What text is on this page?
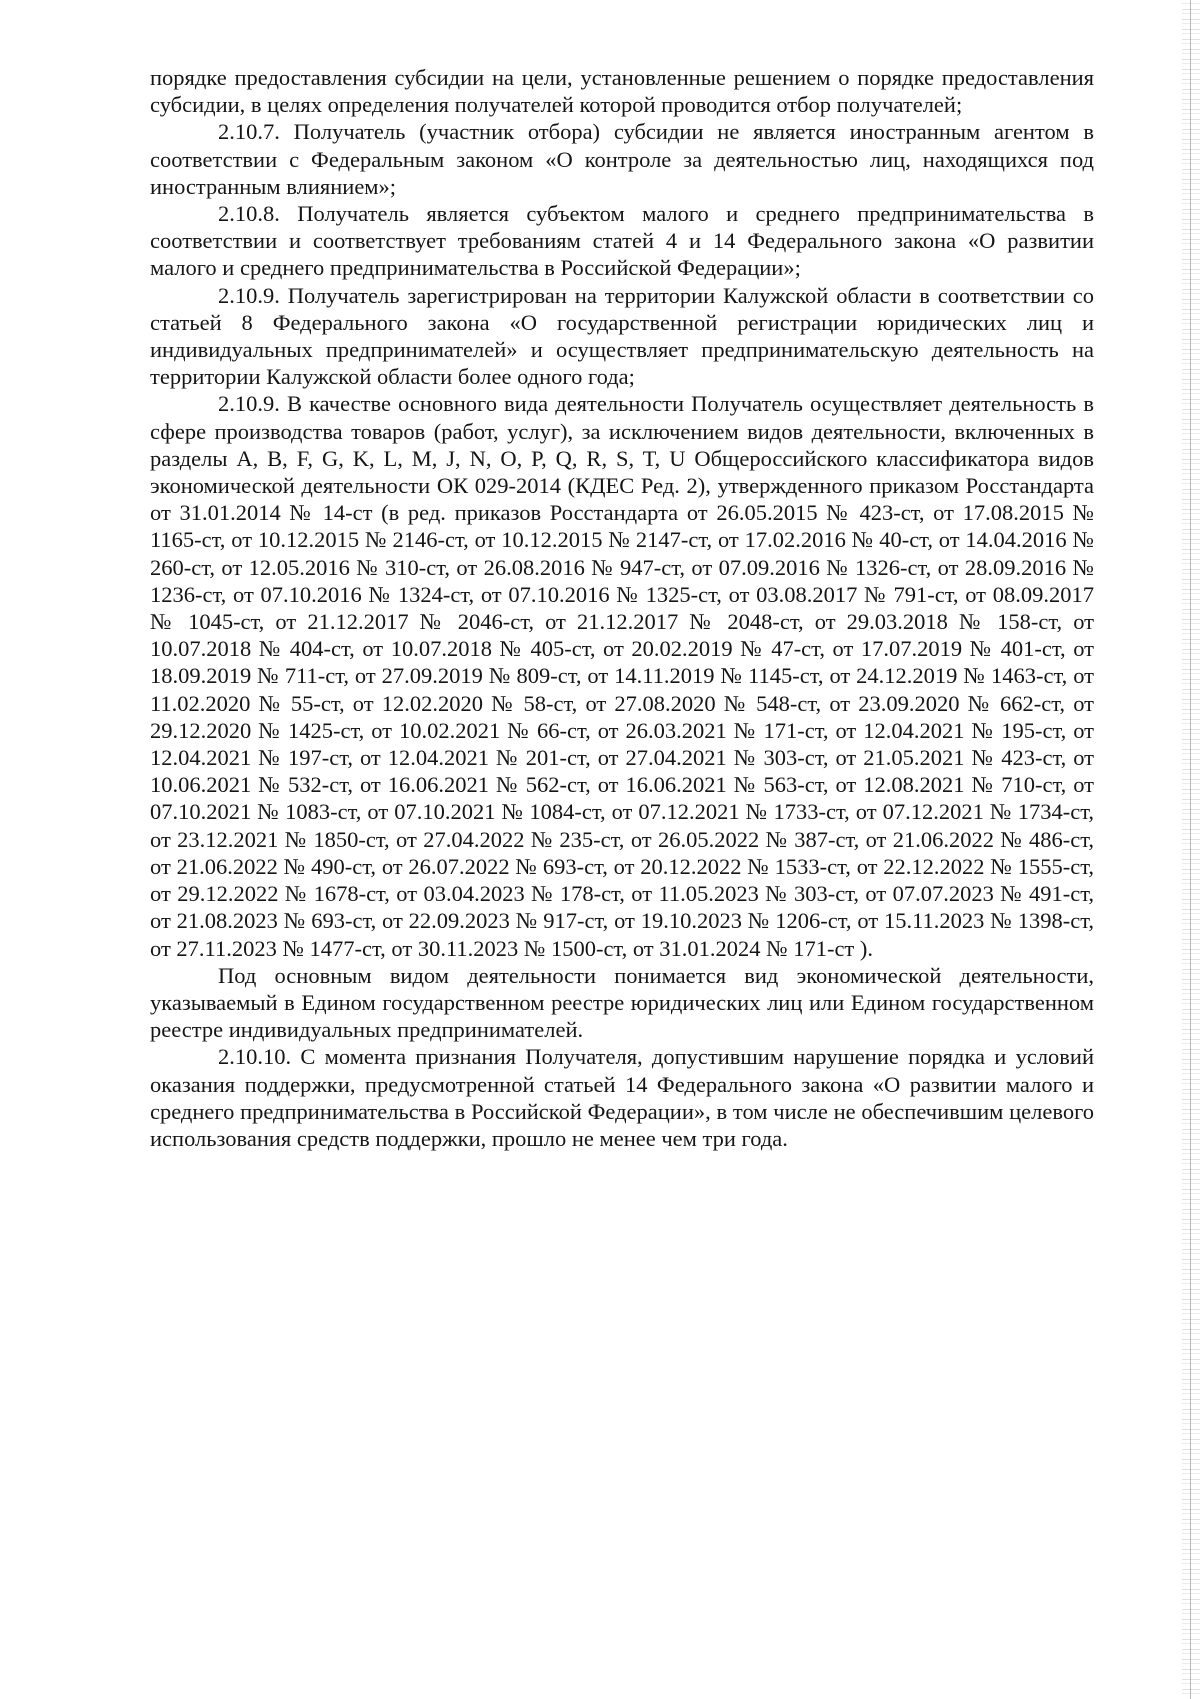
порядке предоставления субсидии на цели, установленные решением о порядке предоставления субсидии, в целях определения получателей которой проводится отбор получателей;

2.10.7. Получатель (участник отбора) субсидии не является иностранным агентом в соответствии с Федеральным законом «О контроле за деятельностью лиц, находящихся под иностранным влиянием»;

2.10.8. Получатель является субъектом малого и среднего предпринимательства в соответствии и соответствует требованиям статей 4 и 14 Федерального закона «О развитии малого и среднего предпринимательства в Российской Федерации»;

2.10.9. Получатель зарегистрирован на территории Калужской области в соответствии со статьей 8 Федерального закона «О государственной регистрации юридических лиц и индивидуальных предпринимателей» и осуществляет предпринимательскую деятельность на территории Калужской области более одного года;

2.10.9. В качестве основного вида деятельности Получатель осуществляет деятельность в сфере производства товаров (работ, услуг), за исключением видов деятельности, включенных в разделы A, B, F, G, K, L, M, J, N, O, P, Q, R, S, T, U Общероссийского классификатора видов экономической деятельности ОК 029-2014 (КДЕС Ред. 2), утвержденного приказом Росстандарта от 31.01.2014 № 14-ст (в ред. приказов Росстандарта от 26.05.2015 № 423-ст, от 17.08.2015 № 1165-ст, от 10.12.2015 № 2146-ст, от 10.12.2015 № 2147-ст, от 17.02.2016 № 40-ст, от 14.04.2016 № 260-ст, от 12.05.2016 № 310-ст, от 26.08.2016 № 947-ст, от 07.09.2016 № 1326-ст, от 28.09.2016 № 1236-ст, от 07.10.2016 № 1324-ст, от 07.10.2016 № 1325-ст, от 03.08.2017 № 791-ст, от 08.09.2017 № 1045-ст, от 21.12.2017 № 2046-ст, от 21.12.2017 № 2048-ст, от 29.03.2018 № 158-ст, от 10.07.2018 № 404-ст, от 10.07.2018 № 405-ст, от 20.02.2019 № 47-ст, от 17.07.2019 № 401-ст, от 18.09.2019 № 711-ст, от 27.09.2019 № 809-ст, от 14.11.2019 № 1145-ст, от 24.12.2019 № 1463-ст, от 11.02.2020 № 55-ст, от 12.02.2020 № 58-ст, от 27.08.2020 № 548-ст, от 23.09.2020 № 662-ст, от 29.12.2020 № 1425-ст, от 10.02.2021 № 66-ст, от 26.03.2021 № 171-ст, от 12.04.2021 № 195-ст, от 12.04.2021 № 197-ст, от 12.04.2021 № 201-ст, от 27.04.2021 № 303-ст, от 21.05.2021 № 423-ст, от 10.06.2021 № 532-ст, от 16.06.2021 № 562-ст, от 16.06.2021 № 563-ст, от 12.08.2021 № 710-ст, от 07.10.2021 № 1083-ст, от 07.10.2021 № 1084-ст, от 07.12.2021 № 1733-ст, от 07.12.2021 № 1734-ст, от 23.12.2021 № 1850-ст, от 27.04.2022 № 235-ст, от 26.05.2022 № 387-ст, от 21.06.2022 № 486-ст, от 21.06.2022 № 490-ст, от 26.07.2022 № 693-ст, от 20.12.2022 № 1533-ст, от 22.12.2022 № 1555-ст, от 29.12.2022 № 1678-ст, от 03.04.2023 № 178-ст, от 11.05.2023 № 303-ст, от 07.07.2023 № 491-ст, от 21.08.2023 № 693-ст, от 22.09.2023 № 917-ст, от 19.10.2023 № 1206-ст, от 15.11.2023 № 1398-ст, от 27.11.2023 № 1477-ст, от 30.11.2023 № 1500-ст, от 31.01.2024 № 171-ст ).

Под основным видом деятельности понимается вид экономической деятельности, указываемый в Едином государственном реестре юридических лиц или Едином государственном реестре индивидуальных предпринимателей.

2.10.10. С момента признания Получателя, допустившим нарушение порядка и условий оказания поддержки, предусмотренной статьей 14 Федерального закона «О развитии малого и среднего предпринимательства в Российской Федерации», в том числе не обеспечившим целевого использования средств поддержки, прошло не менее чем три года.
